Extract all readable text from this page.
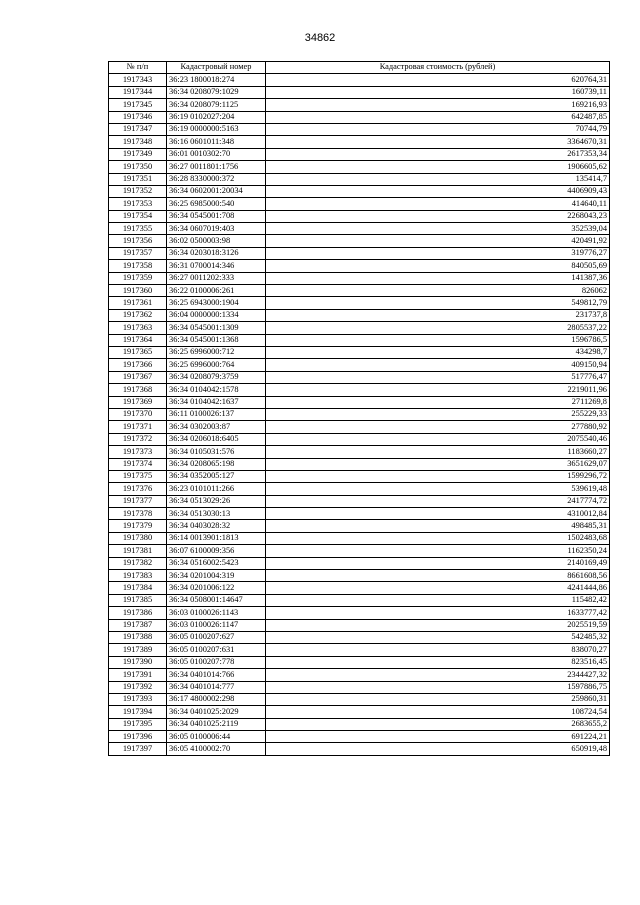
34862
№ п/п	Кадастровый номер	Кадастровая стоимость (рублей)
1917343	36:23 1800018:274	620764,31
1917344	36:34 0208079:1029	160739,11
1917345	36:34 0208079:1125	169216,93
1917346	36:19 0102027:204	642487,85
1917347	36:19 0000000:5163	70744,79
1917348	36:16 0601011:348	3364670,31
1917349	36:01 0010302:70	2617353,34
1917350	36:27 0011801:1756	1906605,62
1917351	36:28 8330000:372	135414,7
1917352	36:34 0602001:20034	4406909,43
1917353	36:25 6985000:540	414640,11
1917354	36:34 0545001:708	2268043,23
1917355	36:34 0607019:403	352539,04
1917356	36:02 0500003:98	420491,92
1917357	36:34 0203018:3126	319776,27
1917358	36:31 0700014:346	840505,69
1917359	36:27 0011202:333	141387,36
1917360	36:22 0100006:261	826062
1917361	36:25 6943000:1904	549812,79
1917362	36:04 0000000:1334	231737,8
1917363	36:34 0545001:1309	2805537,22
1917364	36:34 0545001:1368	1596786,5
1917365	36:25 6996000:712	434298,7
1917366	36:25 6996000:764	409150,94
1917367	36:34 0208079:3759	517776,47
1917368	36:34 0104042:1578	2219011,96
1917369	36:34 0104042:1637	2711269,8
1917370	36:11 0100026:137	255229,33
1917371	36:34 0302003:87	277880,92
1917372	36:34 0206018:6405	2075540,46
1917373	36:34 0105031:576	1183660,27
1917374	36:34 0208065:198	3651629,07
1917375	36:34 0352005:127	1599296,72
1917376	36:23 0101011:266	539619,48
1917377	36:34 0513029:26	2417774,72
1917378	36:34 0513030:13	4310012,84
1917379	36:34 0403028:32	498485,31
1917380	36:14 0013901:1813	1502483,68
1917381	36:07 6100009:356	1162350,24
1917382	36:34 0516002:5423	2140169,49
1917383	36:34 0201004:319	8661608,56
1917384	36:34 0201006:122	4241444,86
1917385	36:34 0508001:14647	115482,42
1917386	36:03 0100026:1143	1633777,42
1917387	36:03 0100026:1147	2025519,59
1917388	36:05 0100207:627	542485,32
1917389	36:05 0100207:631	838070,27
1917390	36:05 0100207:778	823516,45
1917391	36:34 0401014:766	2344427,32
1917392	36:34 0401014:777	1597886,75
1917393	36:17 4800002:298	259860,31
1917394	36:34 0401025:2029	108724,54
1917395	36:34 0401025:2119	2683655,2
1917396	36:05 0100006:44	691224,21
1917397	36:05 4100002:70	650919,48
